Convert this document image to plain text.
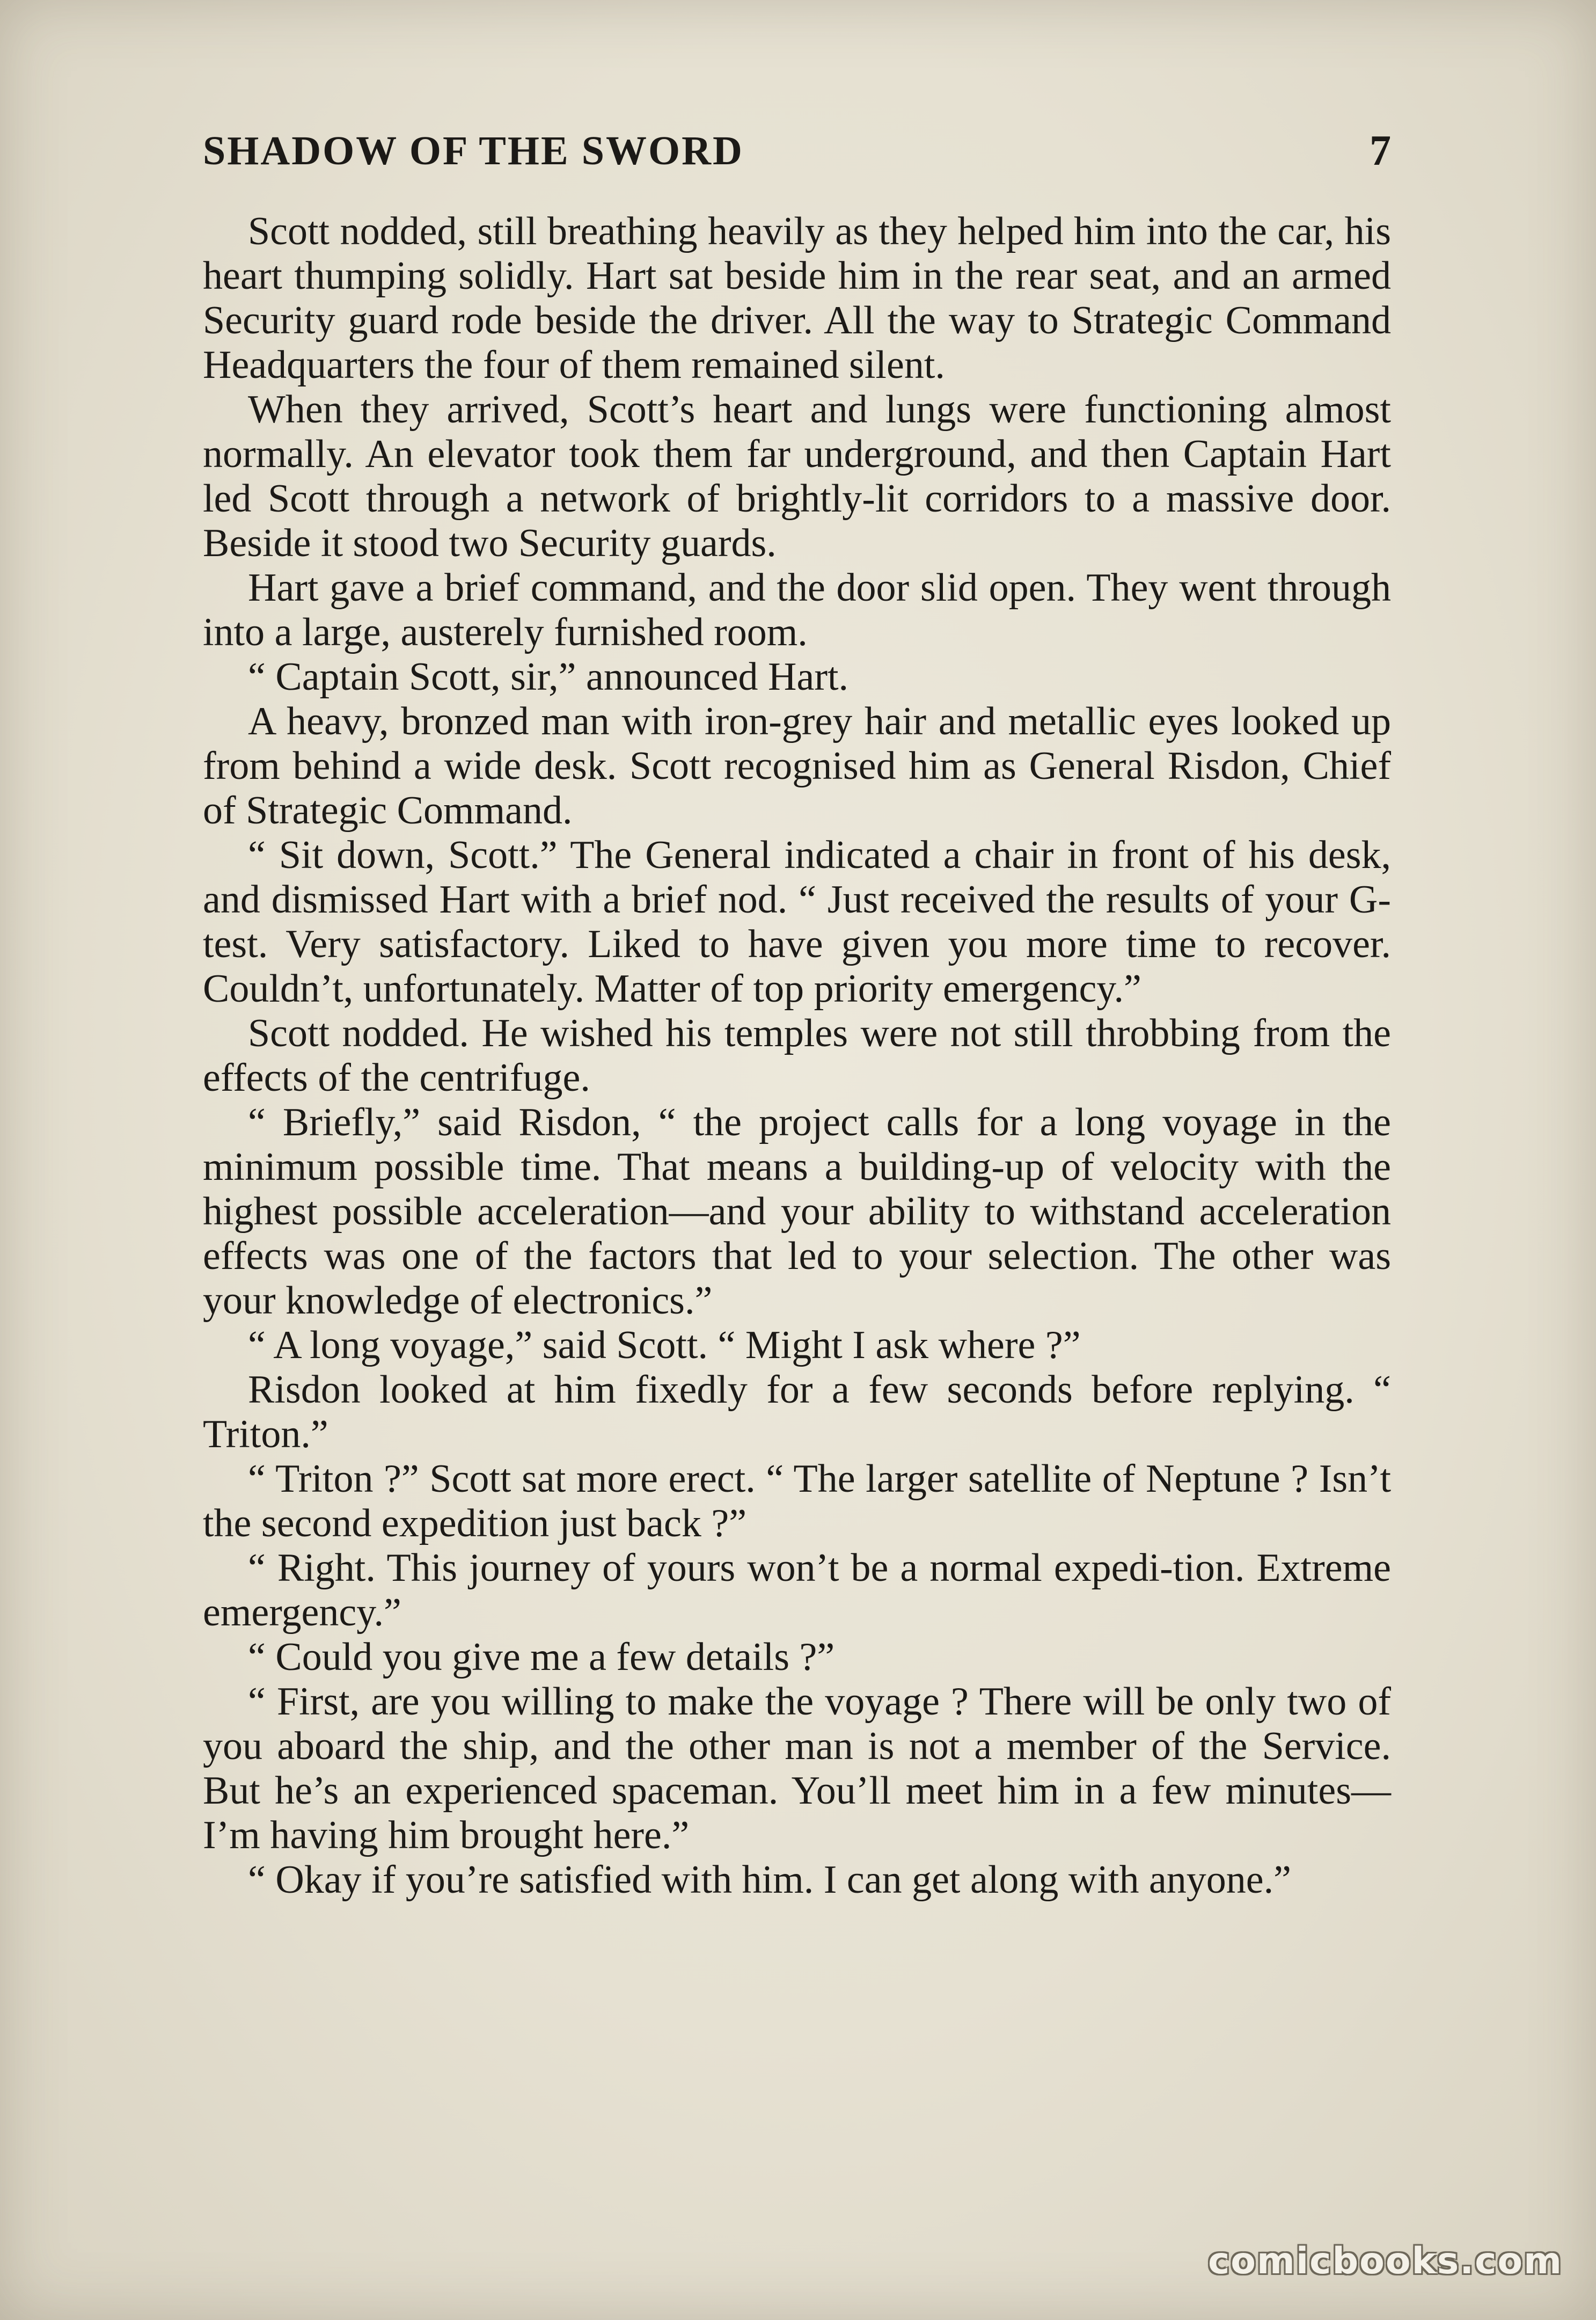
SHADOW OF THE SWORD	7

Scott nodded, still breathing heavily as they helped him into the car, his heart thumping solidly. Hart sat beside him in the rear seat, and an armed Security guard rode beside the driver. All the way to Strategic Command Headquarters the four of them remained silent.

When they arrived, Scott’s heart and lungs were functioning almost normally. An elevator took them far underground, and then Captain Hart led Scott through a network of brightly-lit corridors to a massive door. Beside it stood two Security guards.

Hart gave a brief command, and the door slid open. They went through into a large, austerely furnished room.

“ Captain Scott, sir,” announced Hart.

A heavy, bronzed man with iron-grey hair and metallic eyes looked up from behind a wide desk. Scott recognised him as General Risdon, Chief of Strategic Command.

“ Sit down, Scott.” The General indicated a chair in front of his desk, and dismissed Hart with a brief nod. “ Just received the results of your G-test. Very satisfactory. Liked to have given you more time to recover. Couldn’t, unfortunately. Matter of top priority emergency.”

Scott nodded. He wished his temples were not still throbbing from the effects of the centrifuge.

“ Briefly,” said Risdon, “ the project calls for a long voyage in the minimum possible time. That means a building-up of velocity with the highest possible acceleration—and your ability to withstand acceleration effects was one of the factors that led to your selection. The other was your knowledge of electronics.”

“ A long voyage,” said Scott. “ Might I ask where ?”

Risdon looked at him fixedly for a few seconds before replying. “ Triton.”

“ Triton ?” Scott sat more erect. “ The larger satellite of Neptune ? Isn’t the second expedition just back ?”

“ Right. This journey of yours won’t be a normal expedi-tion. Extreme emergency.”

“ Could you give me a few details ?”

“ First, are you willing to make the voyage ? There will be only two of you aboard the ship, and the other man is not a member of the Service. But he’s an experienced spaceman. You’ll meet him in a few minutes—I’m having him brought here.”

“ Okay if you’re satisfied with him. I can get along with anyone.”

comicbooks.com
